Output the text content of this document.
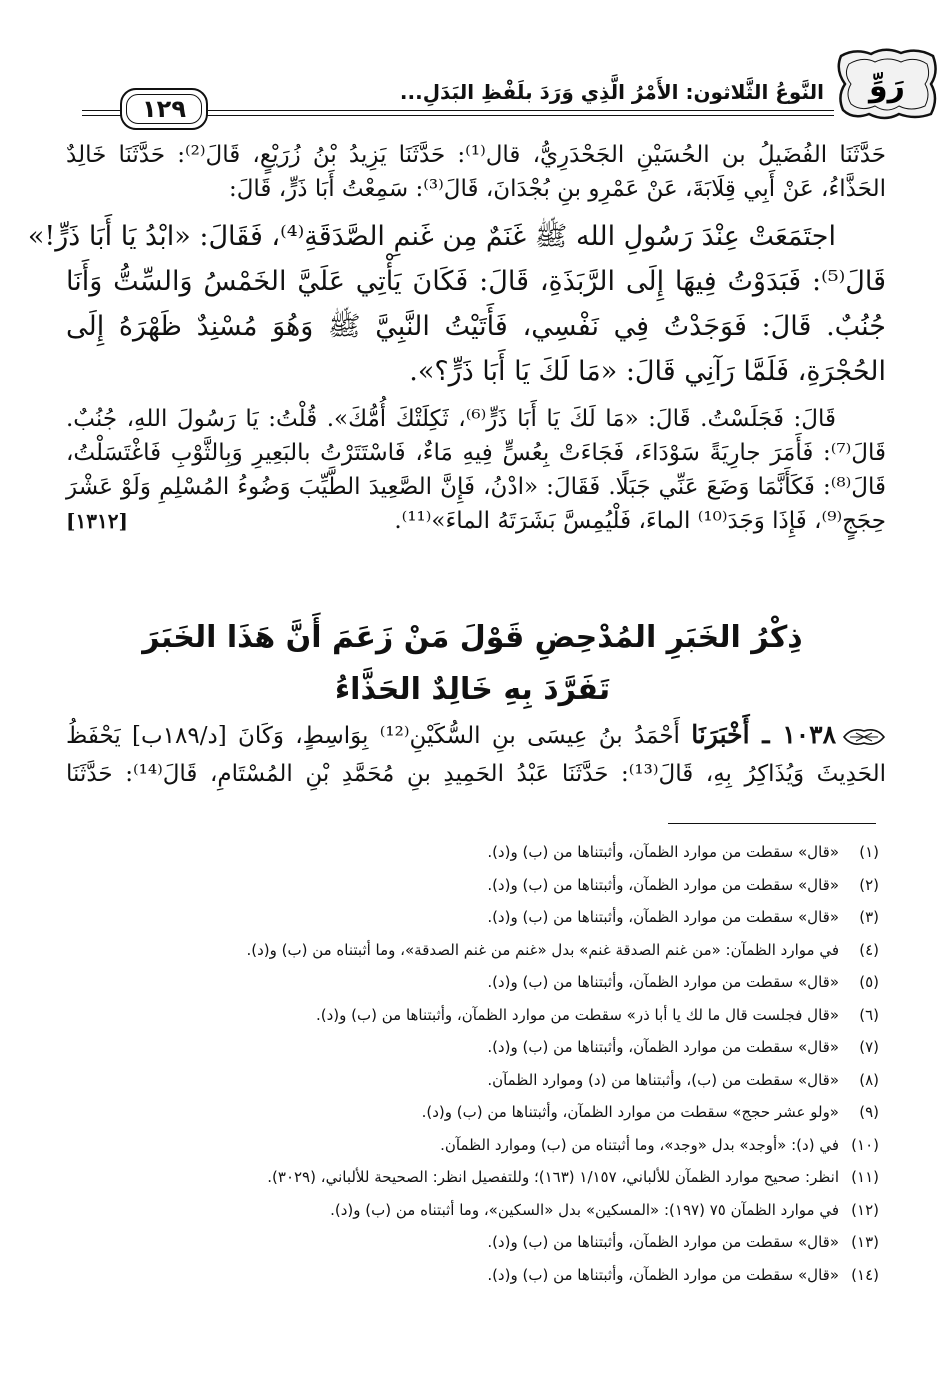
رَوِّ
النَّوعُ الثَّلاثون: الأَمْرُ الَّذِي وَرَدَ بلَفْظِ البَدَلِ...
١٢٩
حَدَّثَنَا الفُضَيلُ بن الحُسَيْنِ الجَحْدَرِيُّ، قال⁽¹⁾: حَدَّثَنَا يَزِيدُ بْنُ زُرَيْعٍ، قَالَ⁽²⁾: حَدَّثَنَا خَالِدٌ
الحَذَّاءُ، عَنْ أَبِي قِلَابَةَ، عَنْ عَمْرِو بنِ بُجْدَانَ، قَالَ⁽³⁾: سَمِعْتُ أَبَا ذَرٍّ، قَالَ:
اجتَمَعَتْ عِنْدَ رَسُولِ الله ﷺ غَنَمٌ مِن غَنمِ الصَّدَقَةِ⁽⁴⁾، فَقَالَ: «ابْدُ يَا أَبَا ذَرٍّ!»
قَالَ⁽⁵⁾: فَبَدَوْتُ فِيهَا إِلَى الرَّبَذَةِ، قَالَ: فَكَانَ يَأْتِي عَلَيَّ الخَمْسُ وَالسِّتُّ وَأَنَا
جُنُبٌ. قَالَ: فَوَجَدْتُ فِي نَفْسِي، فَأَتَيْتُ النَّبِيَّ ﷺ وَهُوَ مُسْنِدٌ ظَهْرَهُ إِلَى
الحُجْرَةِ، فَلَمَّا رَآنِي قَالَ: «مَا لَكَ يَا أَبَا ذَرٍّ؟».
قَالَ: فَجَلَسْتُ. قَالَ: «مَا لَكَ يَا أَبَا ذَرٍّ⁽⁶⁾، ثَكِلَتْكَ أُمُّكَ». قُلْتُ: يَا رَسُولَ اللهِ، جُنُبٌ.
قَالَ⁽⁷⁾: فَأَمَرَ جارِيَةً سَوْدَاءَ، فَجَاءَتْ بِعُسٍّ فِيهِ مَاءٌ، فَاسْتَتَرْتُ بالبَعِيرِ وَبِالثَّوْبِ فَاغْتَسَلْتُ،
قَالَ⁽⁸⁾: فَكَأَنَّمَا وَضَعَ عَنِّي جَبَلًا. فَقَالَ: «ادْنُ، فَإِنَّ الصَّعِيدَ الطَّيِّبَ وَضُوءُ المُسْلِمِ وَلَوْ عَشْرَ
حِجَجٍ⁽⁹⁾، فَإِذَا وَجَدَ⁽¹⁰⁾ الماءَ، فَلْيُمِسَّ بَشَرَتَهُ الماءَ»⁽¹¹⁾.
[١٣١٢]
ذِكْرُ الخَبَرِ المُدْحِضِ قَوْلَ مَنْ زَعَمَ أَنَّ هَذَا الخَبَرَ
تَفَرَّدَ بِهِ خَالِدٌ الحَذَّاءُ
١٠٣٨ ـ أَخْبَرَنَا أَحْمَدُ بنُ عِيسَى بنِ السُّكَيْنِ⁽¹²⁾ بِوَاسِطٍ، وَكَانَ [د/١٨٩ب] يَحْفَظُ
الحَدِيثَ وَيُذَاكِرُ بِهِ، قَالَ⁽¹³⁾: حَدَّثَنَا عَبْدُ الحَمِيدِ بنِ مُحَمَّدِ بْنِ المُسْتَامِ، قَالَ⁽¹⁴⁾: حَدَّثَنَا
(١)
«قال» سقطت من موارد الظمآن، وأثبتناها من (ب) و(د).
(٢)
«قال» سقطت من موارد الظمآن، وأثبتناها من (ب) و(د).
(٣)
«قال» سقطت من موارد الظمآن، وأثبتناها من (ب) و(د).
(٤)
في موارد الظمآن: «من غنم الصدقة غنم» بدل «غنم من غنم الصدقة»، وما أثبتناه من (ب) و(د).
(٥)
«قال» سقطت من موارد الظمآن، وأثبتناها من (ب) و(د).
(٦)
«قال فجلست قال ما لك يا أبا ذر» سقطت من موارد الظمآن، وأثبتناها من (ب) و(د).
(٧)
«قال» سقطت من موارد الظمآن، وأثبتناها من (ب) و(د).
(٨)
«قال» سقطت من (ب)، وأثبتناها من (د) وموارد الظمآن.
(٩)
«ولو عشر حجج» سقطت من موارد الظمآن، وأثبتناها من (ب) و(د).
(١٠)
في (د): «أوجد» بدل «وجد»، وما أثبتناه من (ب) وموارد الظمآن.
(١١)
انظر: صحيح موارد الظمآن للألباني، ١/١٥٧ (١٦٣)؛ وللتفصيل انظر: الصحيحة للألباني، (٣٠٢٩).
(١٢)
في موارد الظمآن ٧٥ (١٩٧): «المسكين» بدل «السكين»، وما أثبتناه من (ب) و(د).
(١٣)
«قال» سقطت من موارد الظمآن، وأثبتناها من (ب) و(د).
(١٤)
«قال» سقطت من موارد الظمآن، وأثبتناها من (ب) و(د).
